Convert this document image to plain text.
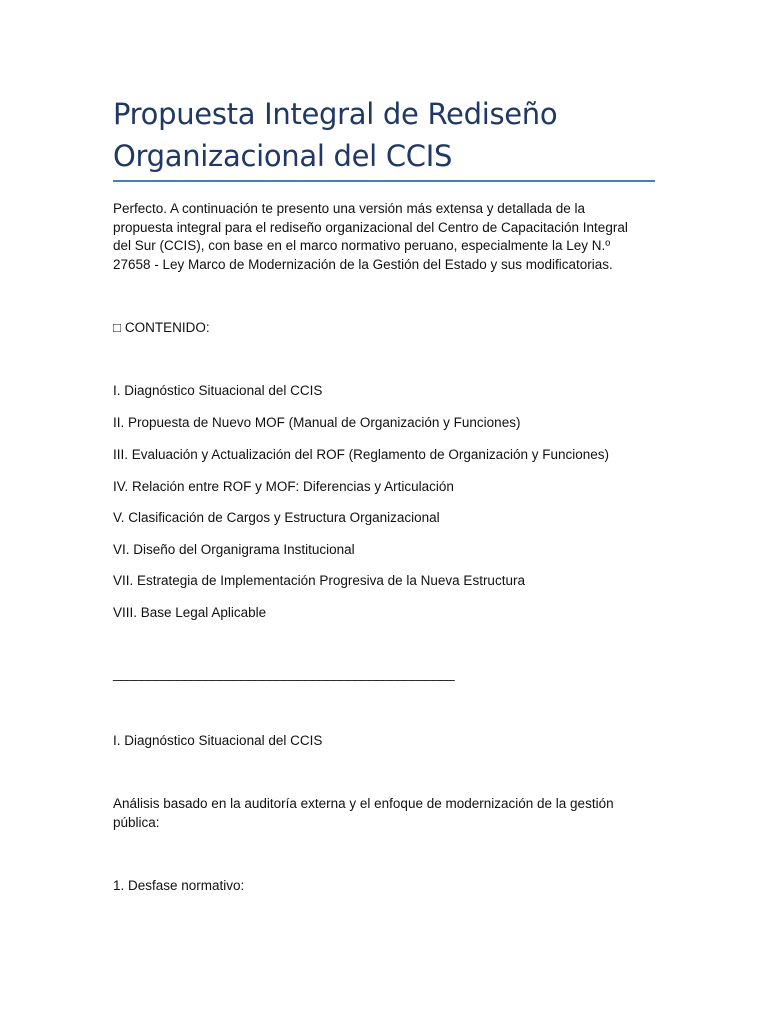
Propuesta Integral de Rediseño Organizacional del CCIS

Perfecto. A continuación te presento una versión más extensa y detallada de la propuesta integral para el rediseño organizacional del Centro de Capacitación Integral del Sur (CCIS), con base en el marco normativo peruano, especialmente la Ley N.º 27658 - Ley Marco de Modernización de la Gestión del Estado y sus modificatorias.

□ CONTENIDO:

I. Diagnóstico Situacional del CCIS

II. Propuesta de Nuevo MOF (Manual de Organización y Funciones)

III. Evaluación y Actualización del ROF (Reglamento de Organización y Funciones)

IV. Relación entre ROF y MOF: Diferencias y Articulación

V. Clasificación de Cargos y Estructura Organizacional

VI. Diseño del Organigrama Institucional

VII. Estrategia de Implementación Progresiva de la Nueva Estructura

VIII. Base Legal Aplicable

________________________________________________

I. Diagnóstico Situacional del CCIS

Análisis basado en la auditoría externa y el enfoque de modernización de la gestión pública:

1. Desfase normativo:
